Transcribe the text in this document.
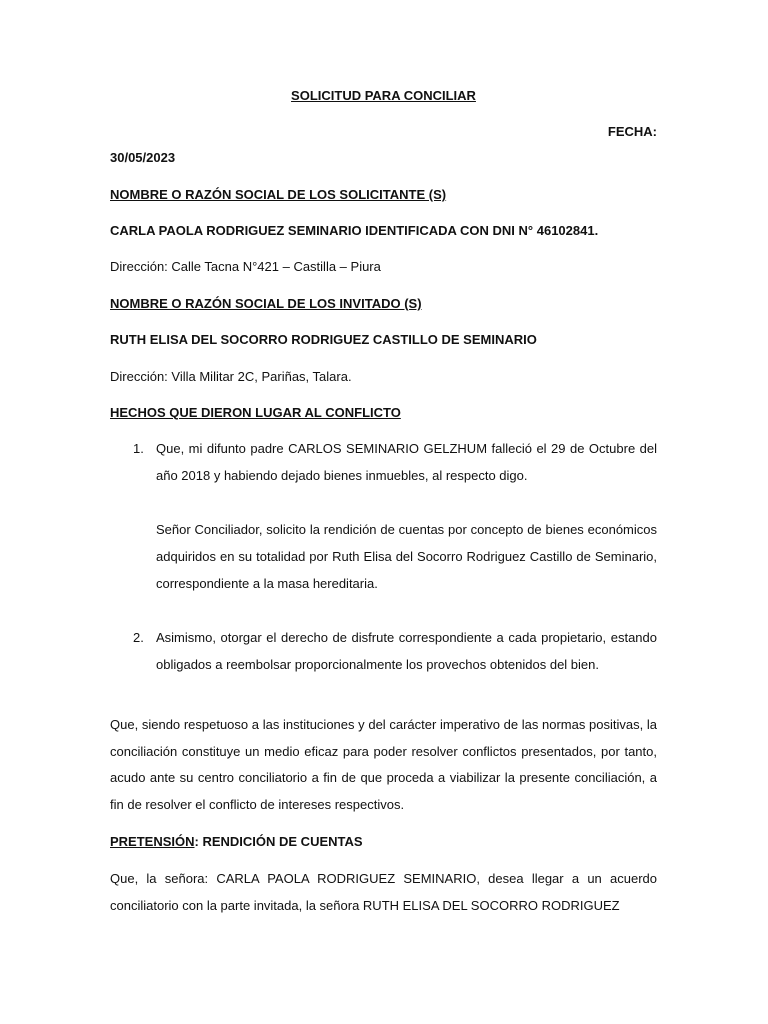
SOLICITUD PARA CONCILIAR
FECHA:
30/05/2023
NOMBRE O RAZÓN SOCIAL DE LOS SOLICITANTE (S)
CARLA PAOLA RODRIGUEZ SEMINARIO IDENTIFICADA CON DNI N° 46102841.
Dirección: Calle Tacna N°421 – Castilla – Piura
NOMBRE O RAZÓN SOCIAL DE LOS INVITADO (S)
RUTH ELISA DEL SOCORRO RODRIGUEZ CASTILLO DE SEMINARIO
Dirección: Villa Militar 2C, Pariñas, Talara.
HECHOS QUE DIERON LUGAR AL CONFLICTO
1. Que, mi difunto padre CARLOS SEMINARIO GELZHUM falleció el 29 de Octubre del año 2018 y habiendo dejado bienes inmuebles, al respecto digo.

Señor Conciliador, solicito la rendición de cuentas por concepto de bienes económicos adquiridos en su totalidad por Ruth Elisa del Socorro Rodriguez Castillo de Seminario, correspondiente a la masa hereditaria.

2. Asimismo, otorgar el derecho de disfrute correspondiente a cada propietario, estando obligados a reembolsar proporcionalmente los provechos obtenidos del bien.

Que, siendo respetuoso a las instituciones y del carácter imperativo de las normas positivas, la conciliación constituye un medio eficaz para poder resolver conflictos presentados, por tanto, acudo ante su centro conciliatorio a fin de que proceda a viabilizar la presente conciliación, a fin de resolver el conflicto de intereses respectivos.
PRETENSIÓN: RENDICIÓN DE CUENTAS
Que, la señora: CARLA PAOLA RODRIGUEZ SEMINARIO, desea llegar a un acuerdo conciliatorio con la parte invitada, la señora RUTH ELISA DEL SOCORRO RODRIGUEZ
